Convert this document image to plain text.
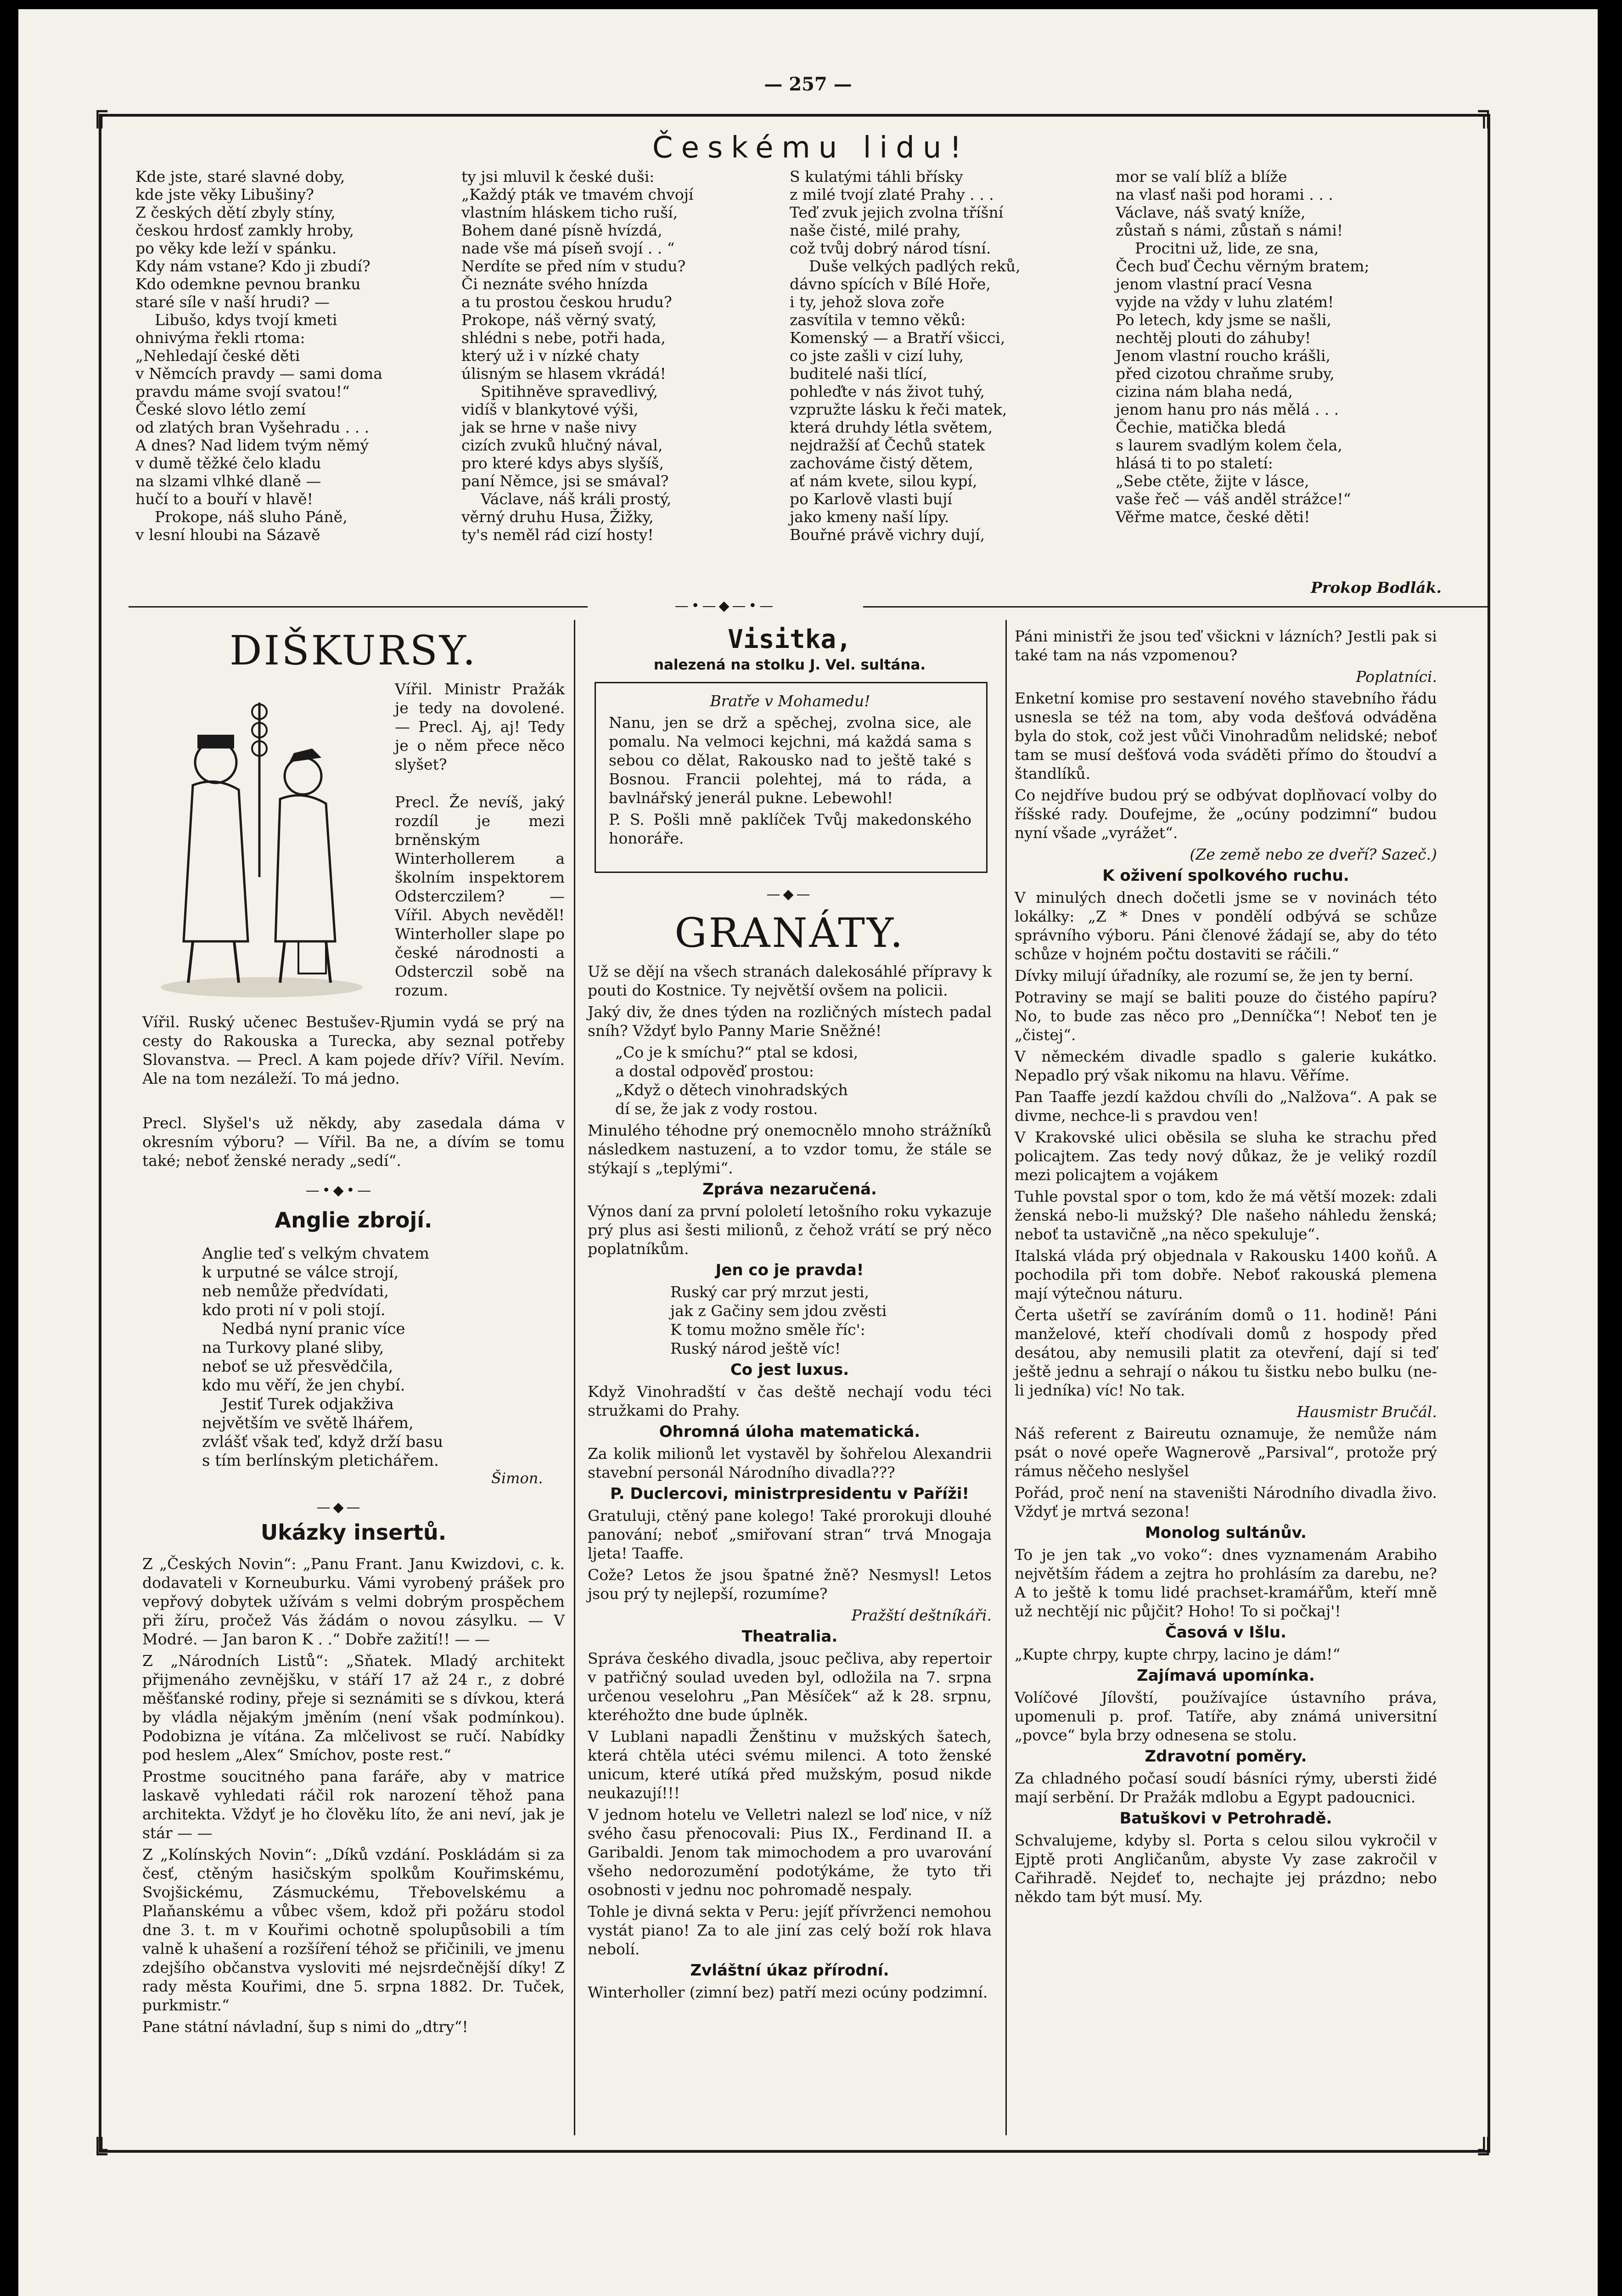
— 257 —
╔	╗
╚	╝
Českému lidu!
Kde jste, staré slavné doby,
kde jste věky Libušiny?
Z českých dětí zbyly stíny,
českou hrdosť zamkly hroby,
po věky kde leží v spánku.
Kdy nám vstane? Kdo ji zbudí?
Kdo odemkne pevnou branku
staré síle v naší hrudi? —
Libušo, kdys tvojí kmeti
ohnivýma řekli rtoma:
„Nehledají české děti
v Němcích pravdy — sami doma
pravdu máme svojí svatou!“
České slovo létlo zemí
od zlatých bran Vyšehradu . . .
A dnes? Nad lidem tvým němý
v dumě těžké čelo kladu
na slzami vlhké dlaně —
hučí to a bouří v hlavě!
Prokope, náš sluho Páně,
v lesní hloubi na Sázavě
ty jsi mluvil k české duši:
„Každý pták ve tmavém chvojí
vlastním hláskem ticho ruší,
Bohem dané písně hvízdá,
nade vše má píseň svojí . . “
Nerdíte se před ním v studu?
Či neznáte svého hnízda
a tu prostou českou hrudu?
Prokope, náš věrný svatý,
shlédni s nebe, potři hada,
který už i v nízké chaty
úlisným se hlasem vkrádá!
Spitihněve spravedlivý,
vidíš v blankytové výši,
jak se hrne v naše nivy
cizích zvuků hlučný nával,
pro které kdys abys slyšíš,
paní Němce, jsi se smával?
Václave, náš králi prostý,
věrný druhu Husa, Žižky,
ty's neměl rád cizí hosty!
S kulatými táhli břísky
z milé tvojí zlaté Prahy . . .
Teď zvuk jejich zvolna tříšní
naše čisté, milé prahy,
což tvůj dobrý národ tísní.
Duše velkých padlých reků,
dávno spících v Bílé Hoře,
i ty, jehož slova zoře
zasvítila v temno věků:
Komenský — a Bratří všicci,
co jste zašli v cizí luhy,
buditelé naši tlící,
pohleďte v nás život tuhý,
vzpružte lásku k řeči matek,
která druhdy létla světem,
nejdražší ať Čechů statek
zachováme čistý dětem,
ať nám kvete, silou kypí,
po Karlově vlasti bují
jako kmeny naší lípy.
Bouřné právě vichry dují,
mor se valí blíž a blíže
na vlasť naši pod horami . . .
Václave, náš svatý kníže,
zůstaň s námi, zůstaň s námi!
Procitni už, lide, ze sna,
Čech buď Čechu věrným bratem;
jenom vlastní prací Vesna
vyjde na vždy v luhu zlatém!
Po letech, kdy jsme se našli,
nechtěj plouti do záhuby!
Jenom vlastní roucho krášli,
před cizotou chraňme sruby,
cizina nám blaha nedá,
jenom hanu pro nás mělá . . .
Čechie, matička bledá
s laurem svadlým kolem čela,
hlásá ti to po staletí:
„Sebe ctěte, žijte v lásce,
vaše řeč — váš anděl strážce!“
Věřme matce, české děti!
Prokop Bodlák.
—•—◆—•—
DIŠKURSY.
Vířil. Ministr Pražák je tedy na dovolené. — Precl. Aj, aj! Tedy je o něm přece něco slyšet?

Precl. Že nevíš, jaký rozdíl je mezi brněnským Winterhollerem a školním inspektorem Odsterczilem? — Vířil. Abych nevěděl! Winterholler slape po české národnosti a Odsterczil sobě na rozum.
Vířil. Ruský učenec Bestušev-Rjumin vydá se prý na cesty do Rakouska a Turecka, aby seznal potřeby Slovanstva. — Precl. A kam pojede dřív? Vířil. Nevím. Ale na tom nezáleží. To má jedno.
Precl. Slyšel's už někdy, aby zasedala dáma v okresním výboru? — Vířil. Ba ne, a dívím se tomu také; neboť ženské nerady „sedí“.
—•◆•—
Anglie zbrojí.
Anglie teď s velkým chvatem
k urputné se válce strojí,
neb nemůže předvídati,
kdo proti ní v poli stojí.
Nedbá nyní pranic více
na Turkovy plané sliby,
neboť se už přesvědčila,
kdo mu věří, že jen chybí.
Jestiť Turek odjakživa
největším ve světě lhářem,
zvlášť však teď, když drží basu
s tím berlínským pletichářem.
Šimon.
—◆—
Ukázky insertů.

Z „Českých Novin“: „Panu Frant. Janu Kwizdovi, c. k. dodavateli v Korneuburku. Vámi vyrobený prášek pro vepřový dobytek užívám s velmi dobrým prospěchem při žíru, pročež Vás žádám o novou zásylku. — V Modré. — Jan baron K . .“ Dobře zažití!! — —

Z „Národních Listů“: „Sňatek. Mladý architekt přijmenáho zevnějšku, v stáří 17 až 24 r., z dobré měšťanské rodiny, přeje si seznámiti se s dívkou, která by vládla nějakým jměním (není však podmínkou). Podobizna je vítána. Za mlčelivost se ručí. Nabídky pod heslem „Alex“ Smíchov, poste rest.“

Prostme soucitného pana faráře, aby v matrice laskavě vyhledati ráčil rok narození těhož pana architekta. Vždyť je ho člověku líto, že ani neví, jak je stár — —

Z „Kolínských Novin“: „Díků vzdání. Poskládám si za česť, ctěným hasičským spolkům Kouřimskému, Svojšickému, Zásmuckému, Třebovelskému a Plaňanskému a vůbec všem, kdož při požáru stodol dne 3. t. m v Kouřimi ochotně spolupůsobili a tím valně k uhašení a rozšíření téhož se přičinili, ve jmenu zdejšího občanstva vysloviti mé nejsrdečnější díky! Z rady města Kouřimi, dne 5. srpna 1882. Dr. Tuček, purkmistr.“

Pane státní návladní, šup s nimi do „dtry“!

Visitka,
nalezená na stolku J. Vel. sultána.

Bratře v Mohamedu!

Nanu, jen se drž a spěchej, zvolna sice, ale pomalu. Na velmoci kejchni, má každá sama s sebou co dělat, Rakousko nad to ještě také s Bosnou. Francii polehtej, má to ráda, a bavlnářský jenerál pukne. Lebewohl!

P. S. Pošli mně paklíček Tvůj makedonského honoráře.

—◆—
GRANÁTY.

Už se dějí na všech stranách dalekosáhlé přípravy k pouti do Kostnice. Ty největší ovšem na policii.

Jaký div, že dnes týden na rozličných místech padal sníh? Vždyť bylo Panny Marie Sněžné!

„Co je k smíchu?“ ptal se kdosi,
a dostal odpověď prostou:
„Když o dětech vinohradských
dí se, že jak z vody rostou.

Minulého téhodne prý onemocnělo mnoho strážníků následkem nastuzení, a to vzdor tomu, že stále se stýkají s „teplými“.

Zpráva nezaručená.

Výnos daní za první pololetí letošního roku vykazuje prý plus asi šesti milionů, z čehož vrátí se prý něco poplatníkům.

Jen co je pravda!

Ruský car prý mrzut jesti,
jak z Gačiny sem jdou zvěsti
K tomu možno směle říc':
Ruský národ ještě víc!

Co jest luxus.

Když Vinohradští v čas deště nechají vodu téci stružkami do Prahy.

Ohromná úloha matematická.

Za kolik milionů let vystavěl by šohřelou Alexandrii stavební personál Národního divadla???

P. Duclercovi, ministrpresidentu v Paříži!

Gratuluji, ctěný pane kolego! Také prorokuji dlouhé panování; neboť „smiřovaní stran“ trvá Mnogaja ljeta! Taaffe.

Cože? Letos že jsou špatné žně? Nesmysl! Letos jsou prý ty nejlepší, rozumíme?

Pražští deštníkáři.

Theatralia.

Správa českého divadla, jsouc pečliva, aby repertoir v patřičný soulad uveden byl, odložila na 7. srpna určenou veselohru „Pan Měsíček“ až k 28. srpnu, kteréhožto dne bude úplněk.

V Lublani napadli Ženštinu v mužských šatech, která chtěla utéci svému milenci. A toto ženské unicum, které utíká před mužským, posud nikde neukazují!!!

V jednom hotelu ve Velletri nalezl se loď nice, v níž svého času přenocovali: Pius IX., Ferdinand II. a Garibaldi. Jenom tak mimochodem a pro uvarování všeho nedorozumění podotýkáme, že tyto tři osobnosti v jednu noc pohromadě nespaly.

Tohle je divná sekta v Peru: jejíť přívrženci nemohou vystát piano! Za to ale jiní zas celý boží rok hlava nebolí.

Zvláštní úkaz přírodní.

Winterholler (zimní bez) patří mezi ocúny podzimní.

Páni ministři že jsou teď všickni v lázních? Jestli pak si také tam na nás vzpomenou?

Poplatníci.

Enketní komise pro sestavení nového stavebního řádu usnesla se též na tom, aby voda dešťová odváděna byla do stok, což jest vůči Vinohradům nelidské; neboť tam se musí dešťová voda sváděti přímo do štoudví a štandlíků.

Co nejdříve budou prý se odbývat doplňovací volby do říšské rady. Doufejme, že „ocúny podzimní“ budou nyní všade „vyrážet“.

(Ze země nebo ze dveří? Sazeč.)

K oživení spolkového ruchu.

V minulých dnech dočetli jsme se v novinách této lokálky: „Z * Dnes v pondělí odbývá se schůze správního výboru. Páni členové žádají se, aby do této schůze v hojném počtu dostaviti se ráčili.“

Dívky milují úřadníky, ale rozumí se, že jen ty berní.

Potraviny se mají se baliti pouze do čistého papíru? No, to bude zas něco pro „Denníčka“! Neboť ten je „čistej“.

V německém divadle spadlo s galerie kukátko. Nepadlo prý však nikomu na hlavu. Věříme.

Pan Taaffe jezdí každou chvíli do „Nalžovа“. A pak se divme, nechce-li s pravdou ven!

V Krakovské ulici oběsila se sluha ke strachu před policajtem. Zas tedy nový důkaz, že je veliký rozdíl mezi policajtem a vojákem

Tuhle povstal spor o tom, kdo že má větší mozek: zdali ženská nebo-li mužský? Dle našeho náhledu ženská; neboť ta ustavičně „na něco spekuluje“.

Italská vláda prý objednala v Rakousku 1400 koňů. A pochodila při tom dobře. Neboť rakouská plemena mají výtečnou náturu.

Čerta ušetří se zavíráním domů o 11. hodině! Páni manželové, kteří chodívali domů z hospody před desátou, aby nemusili platit za otevření, dají si teď ještě jednu a sehrají o nákou tu šistku nebo bulku (ne-li jedníka) víc! No tak.

Hausmistr Bručál.

Náš referent z Baireutu oznamuje, že nemůže nám psát o nové opeře Wagnerově „Parsival“, protože prý rámus něčeho neslyšel

Pořád, proč není na staveništi Národního divadla živo. Vždyť je mrtvá sezona!

Monolog sultánův.

To je jen tak „vo voko“: dnes vyznamenám Arabiho největším řádem a zejtra ho prohlásím za darebu, ne? A to ještě k tomu lidé prachset-kramářům, kteří mně už nechtějí nic půjčit? Hoho! To si počkaj'!

Časová v Išlu.

„Kupte chrpy, kupte chrpy, lacino je dám!“

Zajímavá upomínka.

Volíčové Jílovští, používajíce ústavního práva, upomenuli p. prof. Tatíře, aby známá universitní „povce“ byla brzy odnesena se stolu.

Zdravotní poměry.

Za chladného počasí soudí básníci rýmy, ubersti židé mají serbění. Dr Pražák mdlobu a Egypt padoucnici.

Batuškovi v Petrohradě.

Schvalujeme, kdyby sl. Porta s celou silou vykročil v Ejptě proti Angličanům, abyste Vy zase zakročil v Cařihradě. Nejdeť to, nechajte jej prázdno; nebo někdo tam být musí. My.
